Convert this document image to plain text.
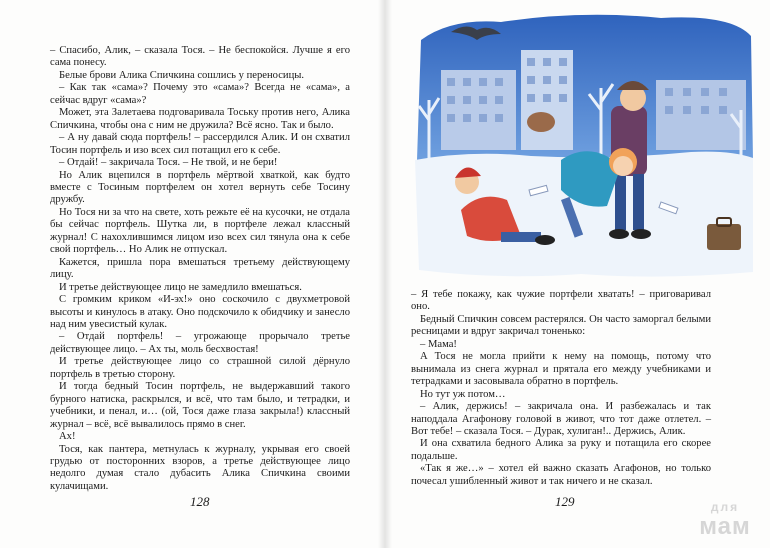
– Спасибо, Алик, – сказала Тося. – Не беспокойся. Лучше я его сама понесу.

Белые брови Алика Спичкина сошлись у переносицы.

– Как так «сама»? Почему это «сама»? Всегда не «сама», а сейчас вдруг «сама»?

Может, эта Залетаева подговаривала Тоську против него, Алика Спичкина, чтобы она с ним не дружила? Всё ясно. Так и было.

– А ну давай сюда портфель! – рассердился Алик. И он схватил Тосин портфель и изо всех сил потащил его к себе.

– Отдай! – закричала Тося. – Не твой, и не бери!

Но Алик вцепился в портфель мёртвой хваткой, как будто вместе с Тосиным портфелем он хотел вернуть себе Тосину дружбу.

Но Тося ни за что на свете, хоть режьте её на кусочки, не отдала бы сейчас портфель. Шутка ли, в портфеле лежал классный журнал! С нахохлившимся лицом изо всех сил тянула она к себе свой портфель… Но Алик не отпускал.

Кажется, пришла пора вмешаться третьему действующему лицу.

И третье действующее лицо не замедлило вмешаться.

С громким криком «И-эх!» оно соскочило с двухметровой высоты и кинулось в атаку. Оно подскочило к обидчику и занесло над ним увесистый кулак.

– Отдай портфель! – угрожающе прорычало третье действующее лицо. – Ах ты, моль бесхвостая!

И третье действующее лицо со страшной силой дёрнуло портфель в третью сторону.

И тогда бедный Тосин портфель, не выдержавший такого бурного натиска, раскрылся, и всё, что там было, и тетрадки, и учебники, и пенал, и… (ой, Тося даже глаза закрыла!) классный журнал – всё, всё вывалилось прямо в снег.

Ах!

Тося, как пантера, метнулась к журналу, укрывая его своей грудью от посторонних взоров, а третье действующее лицо недолго думая стало дубасить Алика Спичкина своими кулачищами.

128

– Я тебе покажу, как чужие портфели хватать! – приговаривал оно.

Бедный Спичкин совсем растерялся. Он часто заморгал белыми ресницами и вдруг закричал тоненько:

– Мама!

А Тося не могла прийти к нему на помощь, потому что вынимала из снега журнал и прятала его между учебниками и тетрадками и засовывала обратно в портфель.

Но тут уж потом…

– Алик, держись! – закричала она. И разбежалась и так наподдала Агафонову головой в живот, что тот даже отлетел. – Вот тебе! – сказала Тося. – Дурак, хулиган!.. Держись, Алик.

И она схватила бедного Алика за руку и потащила его скорее подальше.

«Так я же…» – хотел ей важно сказать Агафонов, но только почесал ушибленный живот и так ничего и не сказал.

129	для
мам
